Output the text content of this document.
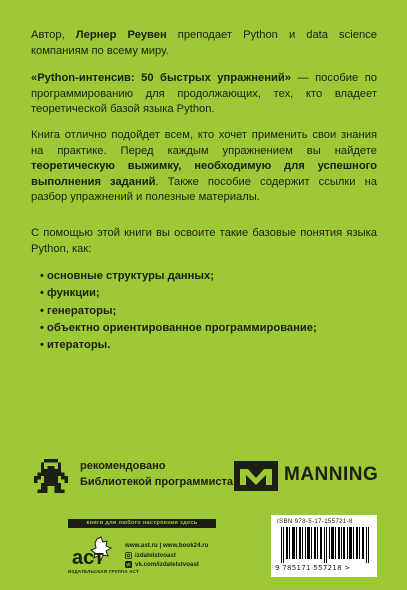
Автор, Лернер Реувен преподает Python и data science компаниям по всему миру.
«Python-интенсив: 50 быстрых упражнений» — пособие по программированию для продолжающих, тех, кто владеет теоретической базой языка Python.
Книга отлично подойдет всем, кто хочет применить свои знания на практике. Перед каждым упражнением вы найдете теоретическую выжимку, необходимую для успешного выполнения заданий. Также пособие содержит ссылки на разбор упражнений и полезные материалы.
С помощью этой книги вы освоите такие базовые понятия языка Python, как:
• основные структуры данных;
• функции;
• генераторы;
• объектно ориентированное программирование;
• итераторы.
рекомендовано
Библиотекой программиста	MANNING
книги для любого настроения здесь
аст
ИЗДАТЕЛЬСКАЯ ГРУППА АСТ
www.ast.ru | www.book24.ru
izdatelstvoast
vk.com/izdatelstvoast
ISBN 978-5-17-155721-8
9 785171 557218 >
